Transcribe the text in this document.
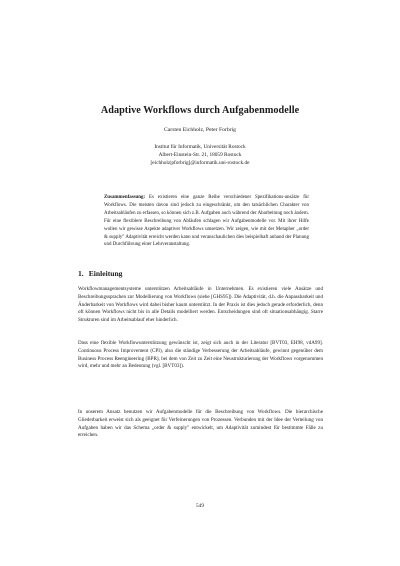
Adaptive Workflows durch Aufgabenmodelle
Carsten Eichholz, Peter Forbrig
Institut für Informatik, Universität Rostock
Albert-Einstein-Str. 21, 18059 Rostock
[eichholz|pforbrig]@informatik.uni-rostock.de
Zusammenfassung: Es existieren eine ganze Reihe verschiedener Spezifikations-ansätze für Workflows. Die meisten davon sind jedoch zu eingeschränkt, um den tatsächlichen Charakter von Arbeitsabläufen zu erfassen, so können sich z.B. Aufgaben auch während der Abarbeitung noch ändern. Für eine flexiblere Beschreibung von Abläufen schlagen wir Aufgabenmodelle vor. Mit ihrer Hilfe wollen wir gewisse Aspekte adaptiver Workflows umsetzen. Wir zeigen, wie mit der Metapher „order & supply" Adaptivität erreicht werden kann und veranschaulichen dies beispielhaft anhand der Planung und Durchführung einer Lehrveranstaltung.
1. Einleitung
Workflowmanagementsysteme unterstützen Arbeitsabläufe in Unternehmen. Es existieren viele Ansätze und Beschreibungssprachen zur Modellierung von Workflows (siehe [GHS95]). Die Adaptivität, d.h. die Anpassbarkeit und Änderbarkeit von Workflows wird dabei bisher kaum unterstützt. In der Praxis ist dies jedoch gerade erforderlich, denn oft können Workflows nicht bis in alle Details modelliert werden. Entscheidungen sind oft situationsabhängig. Starre Strukturen sind im Arbeitsablauf eher hinderlich.
Dass eine flexible Workflowunterstützung gewünscht ist, zeigt sich auch in der Literatur [BVT03, EH98, vdA99]. Continuous Process Improvement (CPI), also die ständige Verbesserung der Arbeitsabläufe, gewinnt gegenüber dem Business Process Reengineering (BPR), bei dem von Zeit zu Zeit eine Neustrukturierung der Workflows vorgenommen wird, mehr und mehr an Bedeutung (vgl. [BVT03]).
In unserem Ansatz benutzen wir Aufgabenmodelle für die Beschreibung von Workflows. Die hierarchische Gliederbarkeit erweist sich als geeignet für Verfeinerungen von Prozessen. Verbunden mit der Idee der Verteilung von Aufgaben haben wir das Schema „order & supply" entwickelt, um Adaptivität zumindest für bestimmte Fälle zu erreichen.
549
